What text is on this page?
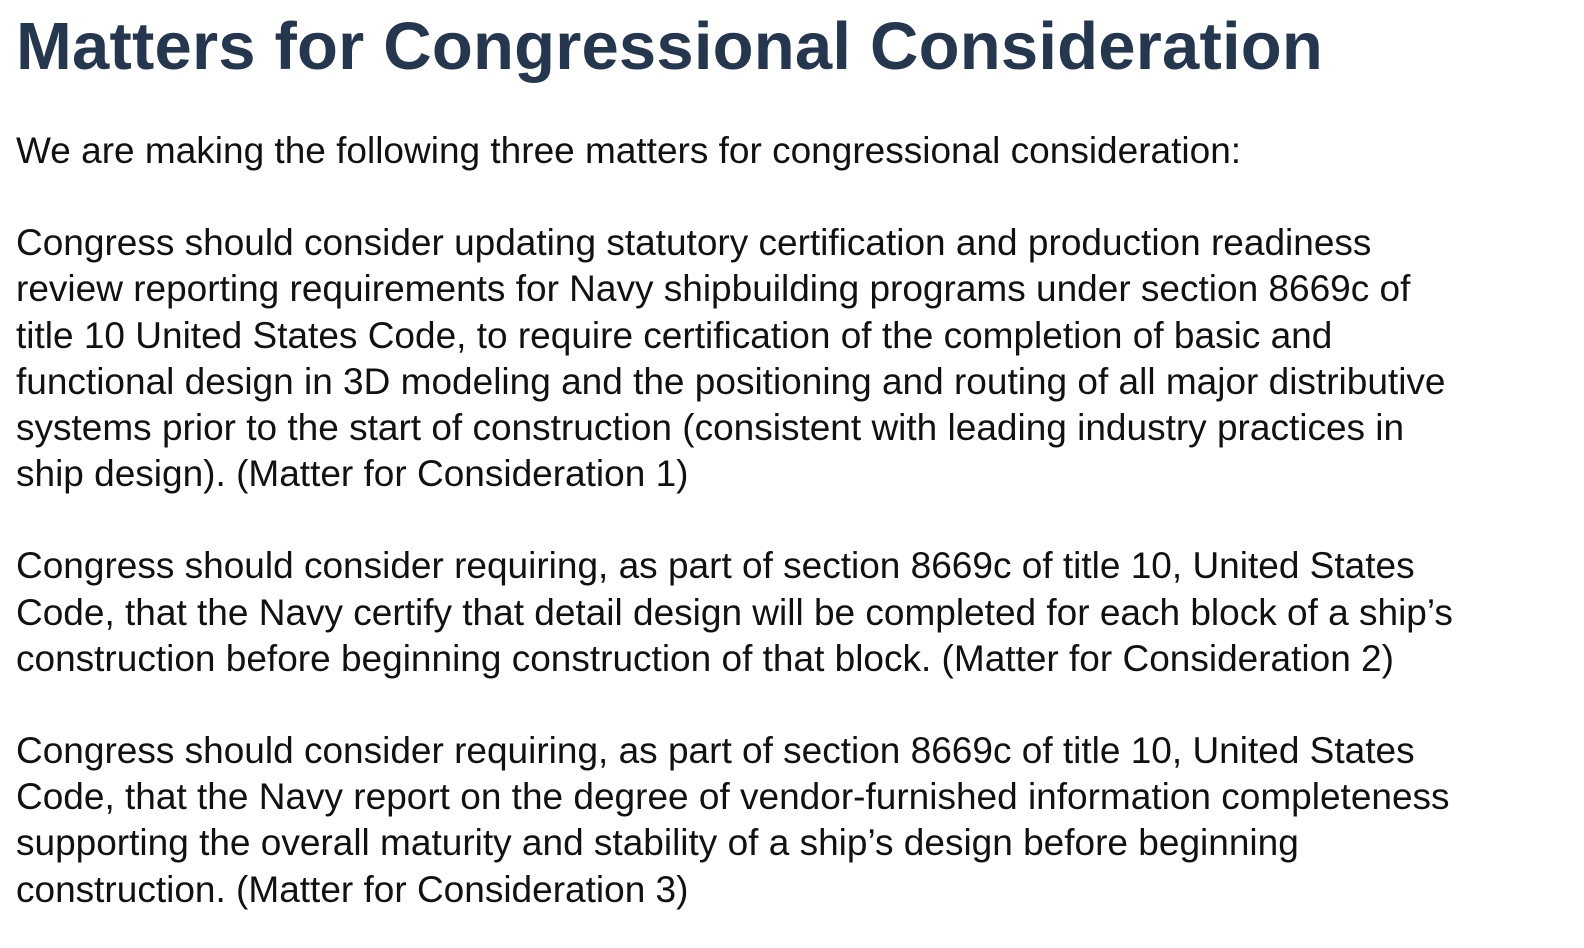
Matters for Congressional Consideration

We are making the following three matters for congressional consideration:

Congress should consider updating statutory certification and production readiness
review reporting requirements for Navy shipbuilding programs under section 8669c of
title 10 United States Code, to require certification of the completion of basic and
functional design in 3D modeling and the positioning and routing of all major distributive
systems prior to the start of construction (consistent with leading industry practices in
ship design). (Matter for Consideration 1)

Congress should consider requiring, as part of section 8669c of title 10, United States
Code, that the Navy certify that detail design will be completed for each block of a ship’s
construction before beginning construction of that block. (Matter for Consideration 2)

Congress should consider requiring, as part of section 8669c of title 10, United States
Code, that the Navy report on the degree of vendor-furnished information completeness
supporting the overall maturity and stability of a ship’s design before beginning
construction. (Matter for Consideration 3)
